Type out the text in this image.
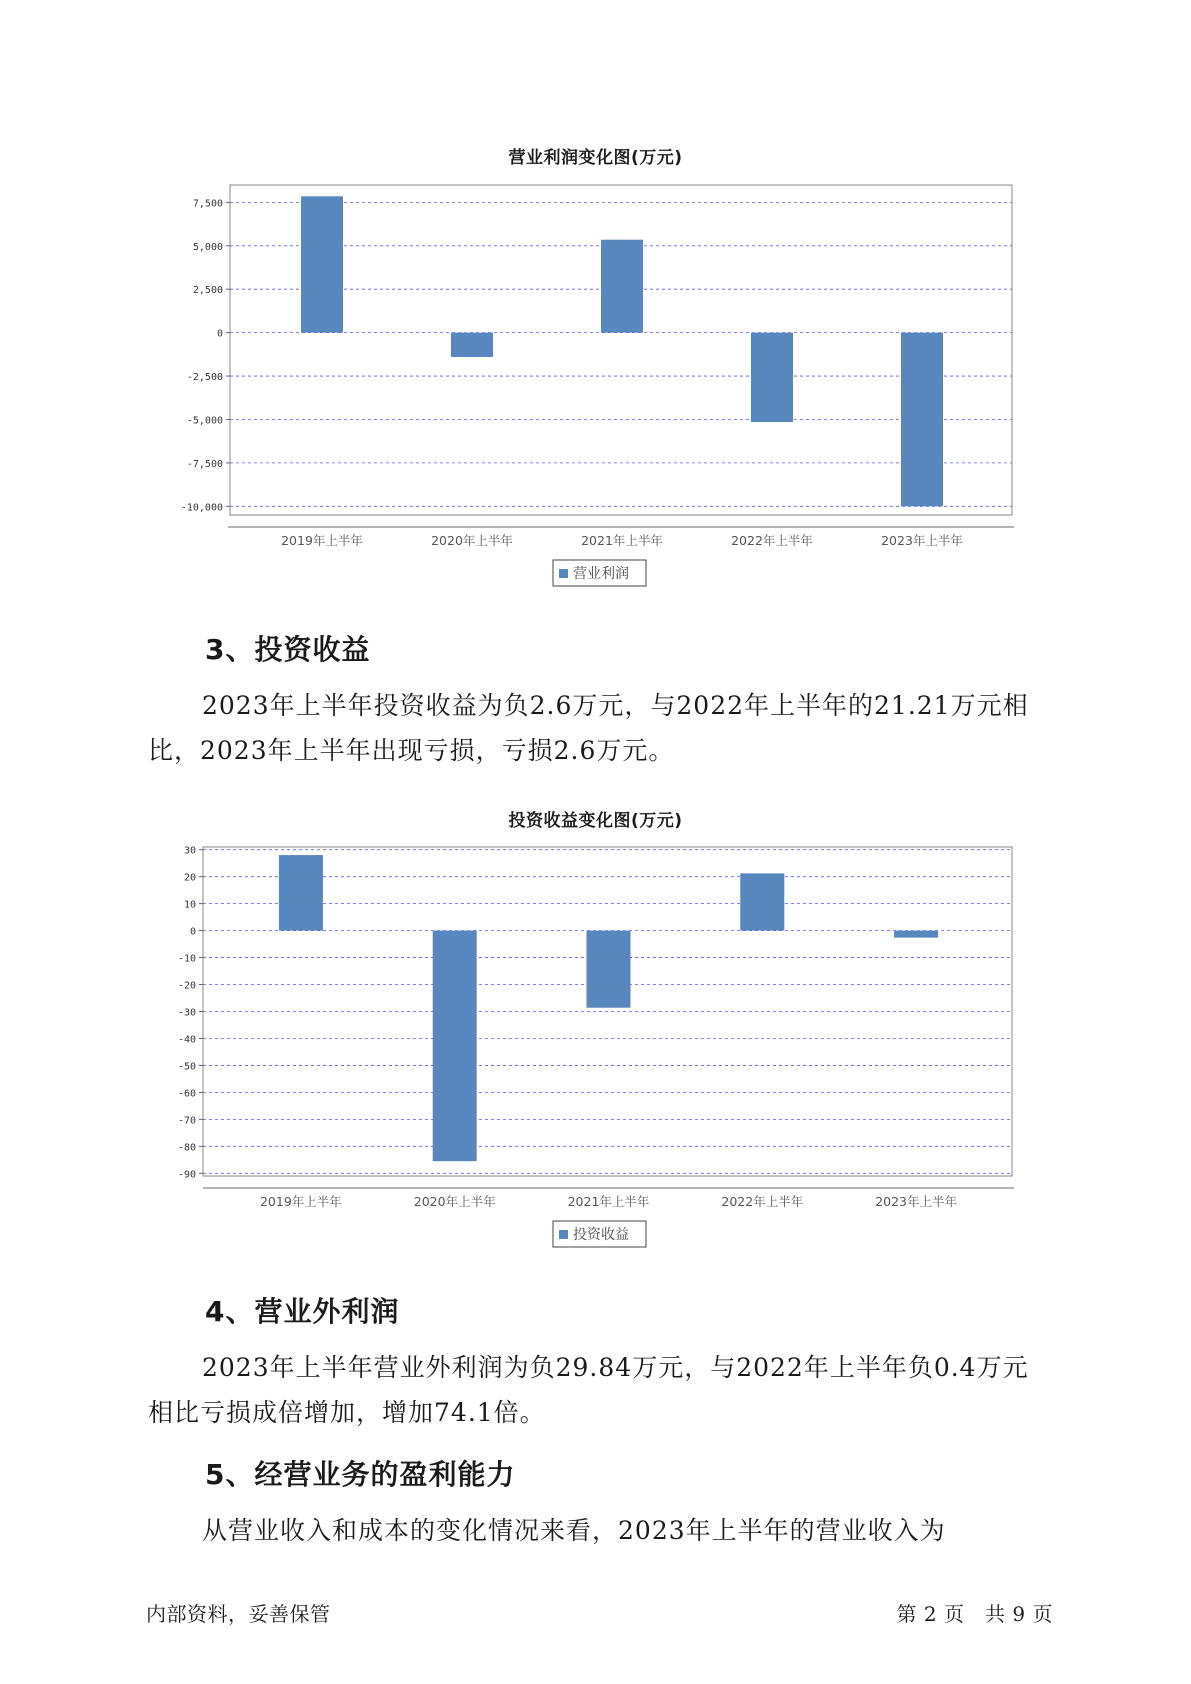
营业利润变化图(万元)
7,500
5,000
2,500
0
-2,500
-5,000
-7,500
-10,000
2019年上半年	2020年上半年	2021年上半年	2022年上半年	2023年上半年
营业利润
3、投资收益

2023年上半年投资收益为负2.6万元，与2022年上半年的21.21万元相比，2023年上半年出现亏损，亏损2.6万元。

投资收益变化图(万元)
30
20
10
0
-10
-20
-30
-40
-50
-60
-70
-80
-90
2019年上半年	2020年上半年	2021年上半年	2022年上半年	2023年上半年
投资收益
4、营业外利润

2023年上半年营业外利润为负29.84万元，与2022年上半年负0.4万元相比亏损成倍增加，增加74.1倍。

5、经营业务的盈利能力

从营业收入和成本的变化情况来看，2023年上半年的营业收入为

内部资料，妥善保管	第 2 页   共 9 页
